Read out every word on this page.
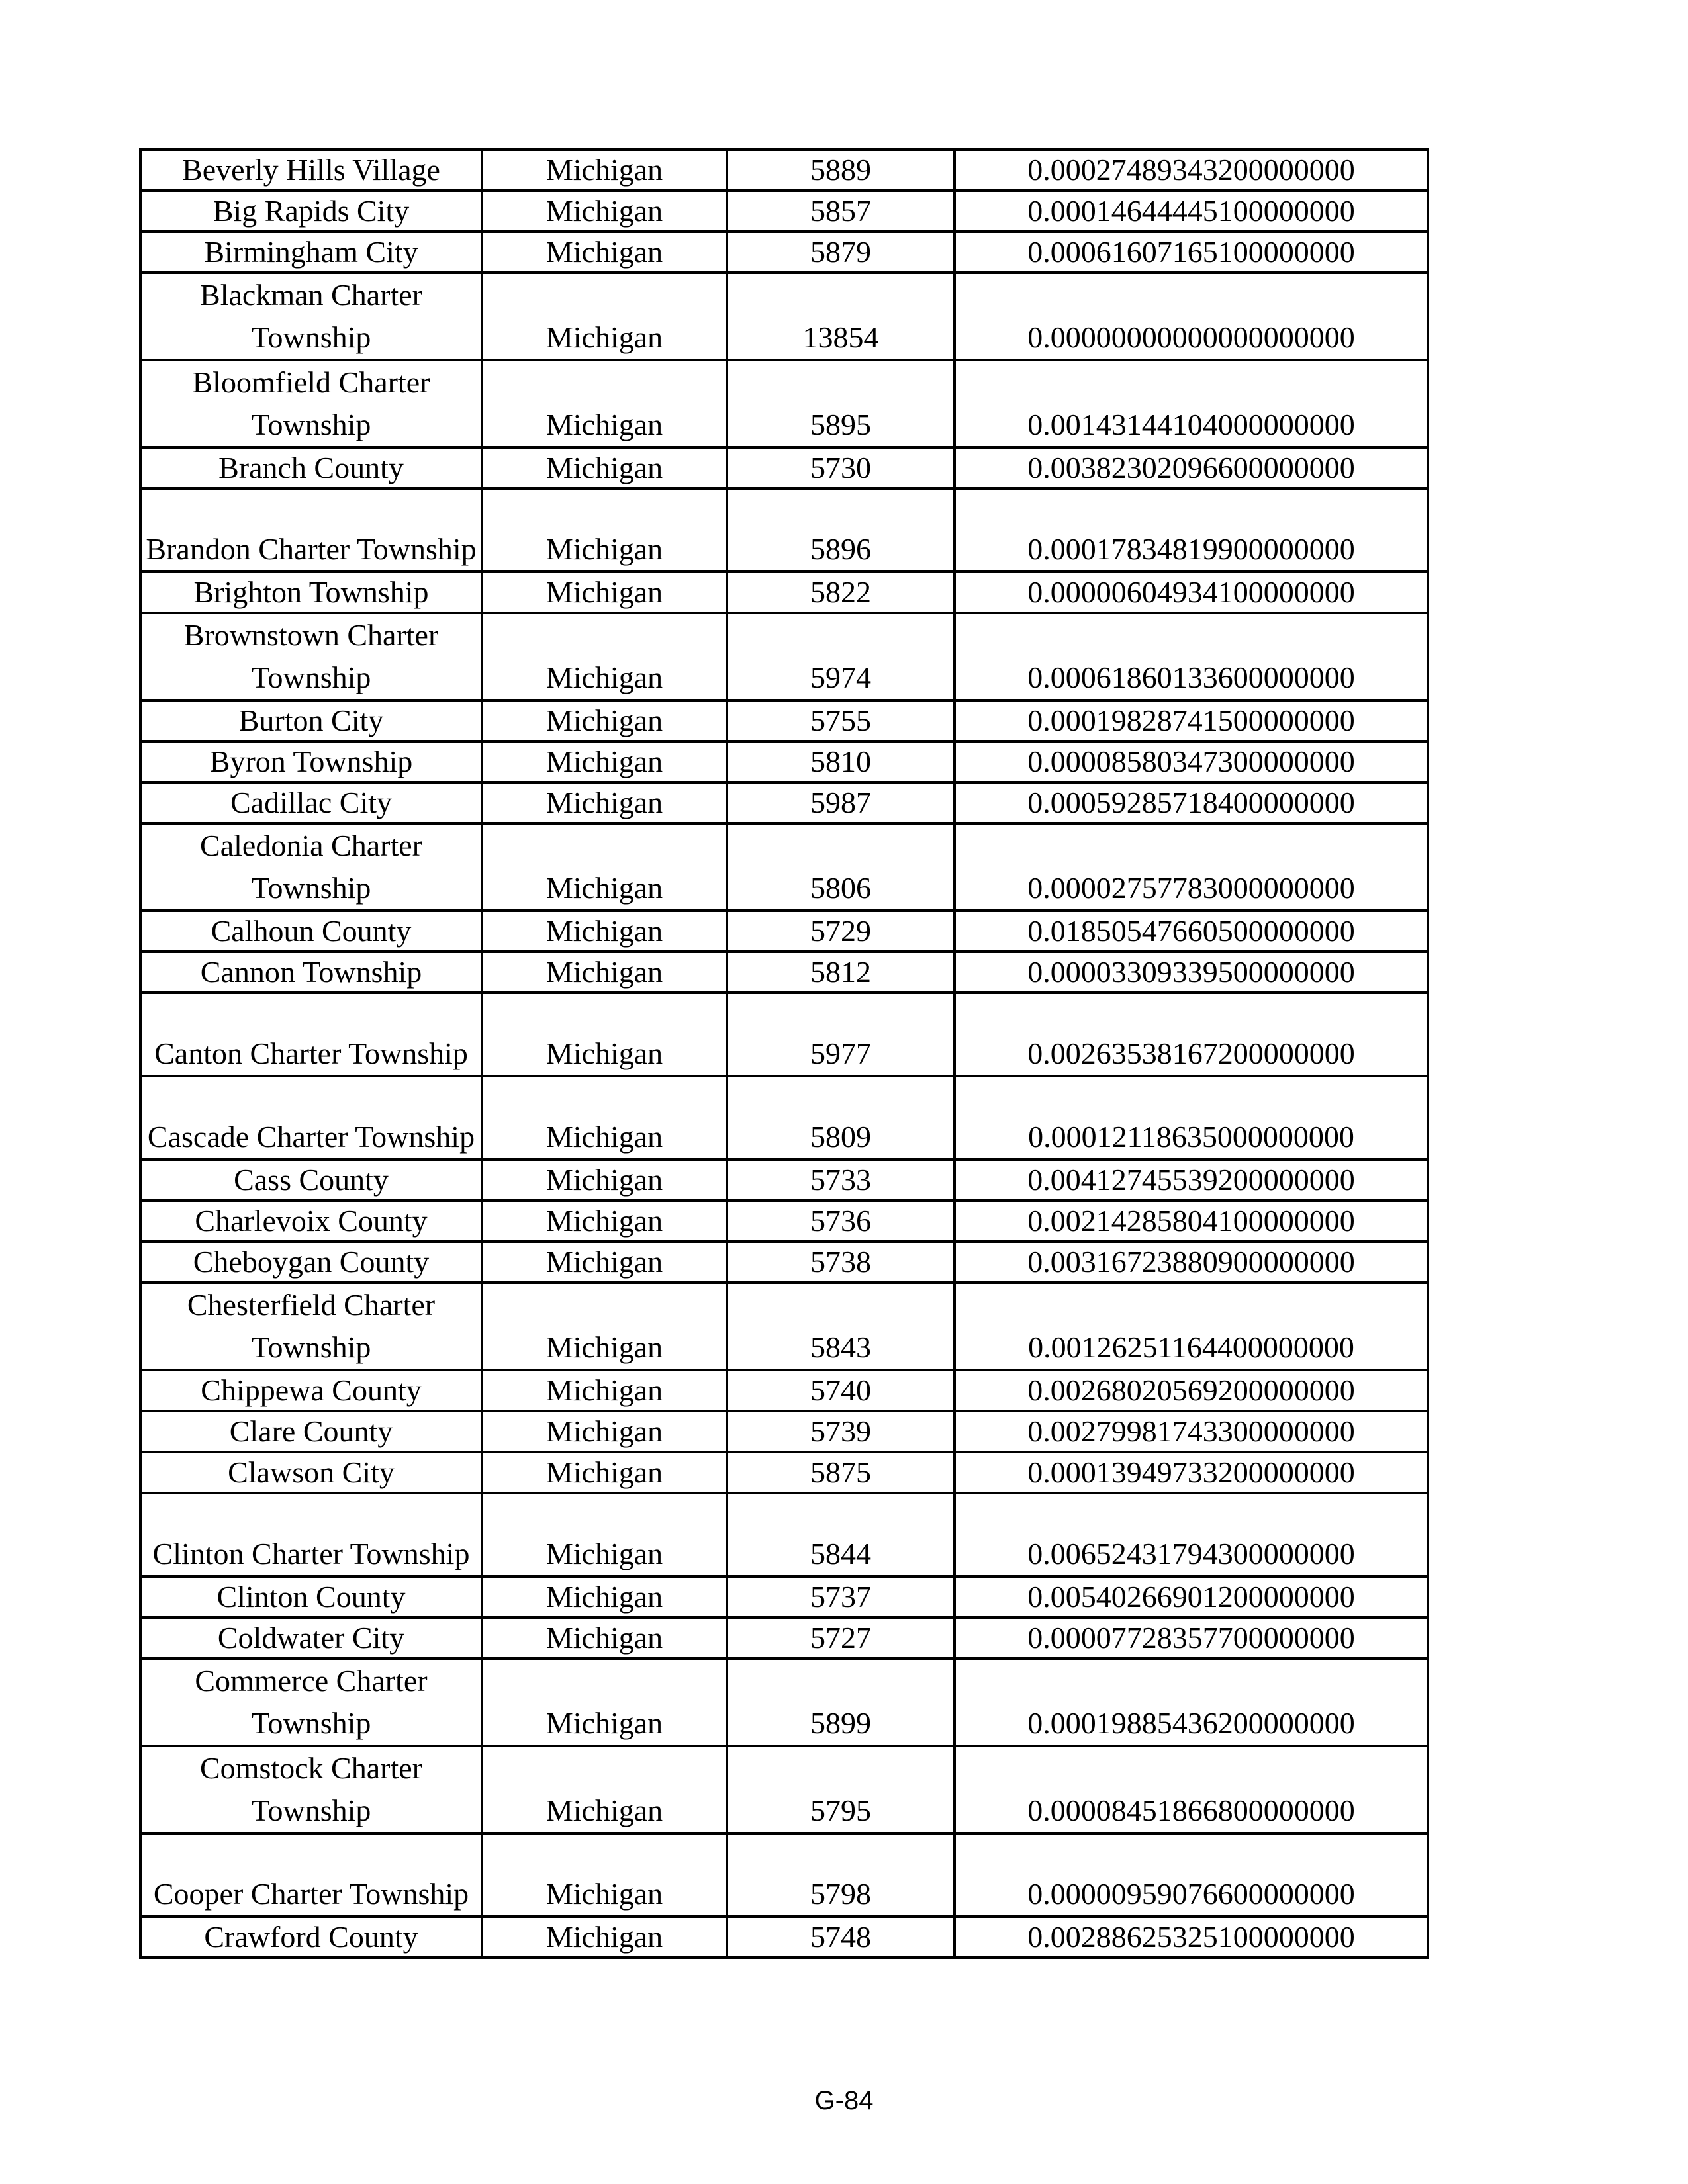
Beverly Hills Village	Michigan	5889	0.00027489343200000000
Big Rapids City	Michigan	5857	0.00014644445100000000
Birmingham City	Michigan	5879	0.00061607165100000000
Blackman Charter Township	Michigan	13854	0.00000000000000000000
Bloomfield Charter Township	Michigan	5895	0.00143144104000000000
Branch County	Michigan	5730	0.00382302096600000000
Brandon Charter Township	Michigan	5896	0.00017834819900000000
Brighton Township	Michigan	5822	0.00000604934100000000
Brownstown Charter Township	Michigan	5974	0.00061860133600000000
Burton City	Michigan	5755	0.00019828741500000000
Byron Township	Michigan	5810	0.00008580347300000000
Cadillac City	Michigan	5987	0.00059285718400000000
Caledonia Charter Township	Michigan	5806	0.00002757783000000000
Calhoun County	Michigan	5729	0.01850547660500000000
Cannon Township	Michigan	5812	0.00003309339500000000
Canton Charter Township	Michigan	5977	0.00263538167200000000
Cascade Charter Township	Michigan	5809	0.00012118635000000000
Cass County	Michigan	5733	0.00412745539200000000
Charlevoix County	Michigan	5736	0.00214285804100000000
Cheboygan County	Michigan	5738	0.00316723880900000000
Chesterfield Charter Township	Michigan	5843	0.00126251164400000000
Chippewa County	Michigan	5740	0.00268020569200000000
Clare County	Michigan	5739	0.00279981743300000000
Clawson City	Michigan	5875	0.00013949733200000000
Clinton Charter Township	Michigan	5844	0.00652431794300000000
Clinton County	Michigan	5737	0.00540266901200000000
Coldwater City	Michigan	5727	0.00007728357700000000
Commerce Charter Township	Michigan	5899	0.00019885436200000000
Comstock Charter Township	Michigan	5795	0.00008451866800000000
Cooper Charter Township	Michigan	5798	0.00000959076600000000
Crawford County	Michigan	5748	0.00288625325100000000
G-84
